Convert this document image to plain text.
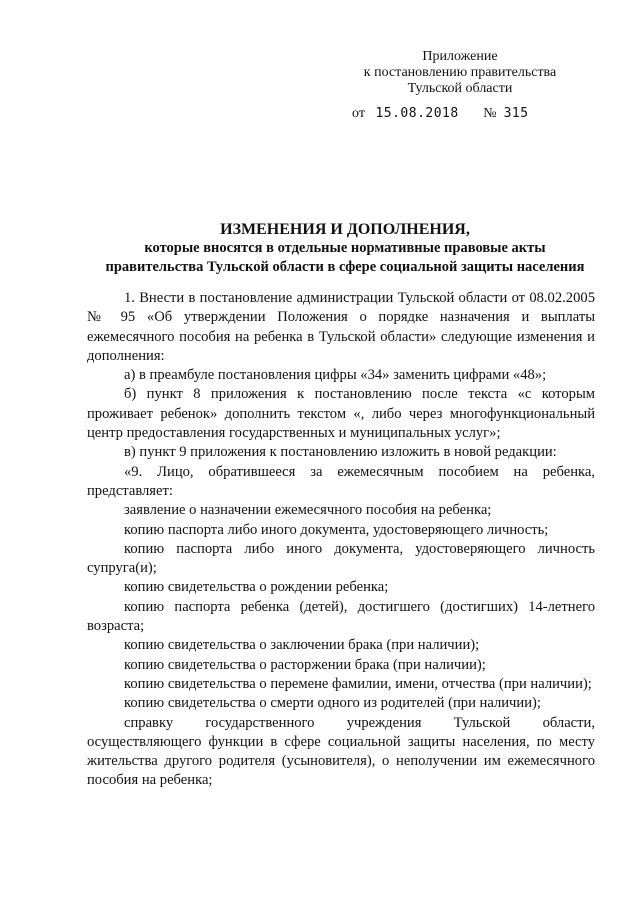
Приложение
к постановлению правительства
Тульской области
от 15.08.2018 № 315
ИЗМЕНЕНИЯ И ДОПОЛНЕНИЯ,
которые вносятся в отдельные нормативные правовые акты
правительства Тульской области в сфере социальной защиты населения

1. Внести в постановление администрации Тульской области от 08.02.2005 № 95 «Об утверждении Положения о порядке назначения и выплаты ежемесячного пособия на ребенка в Тульской области» следующие изменения и дополнения:

а) в преамбуле постановления цифры «34» заменить цифрами «48»;

б) пункт 8 приложения к постановлению после текста «с которым проживает ребенок» дополнить текстом «, либо через многофункциональный центр предоставления государственных и муниципальных услуг»;

в) пункт 9 приложения к постановлению изложить в новой редакции:

«9. Лицо, обратившееся за ежемесячным пособием на ребенка, представляет:

заявление о назначении ежемесячного пособия на ребенка;

копию паспорта либо иного документа, удостоверяющего личность;

копию паспорта либо иного документа, удостоверяющего личность супруга(и);

копию свидетельства о рождении ребенка;

копию паспорта ребенка (детей), достигшего (достигших) 14-летнего возраста;

копию свидетельства о заключении брака (при наличии);

копию свидетельства о расторжении брака (при наличии);

копию свидетельства о перемене фамилии, имени, отчества (при наличии);

копию свидетельства о смерти одного из родителей (при наличии);

справку государственного учреждения Тульской области, осуществляющего функции в сфере социальной защиты населения, по месту жительства другого родителя (усыновителя), о неполучении им ежемесячного пособия на ребенка;
